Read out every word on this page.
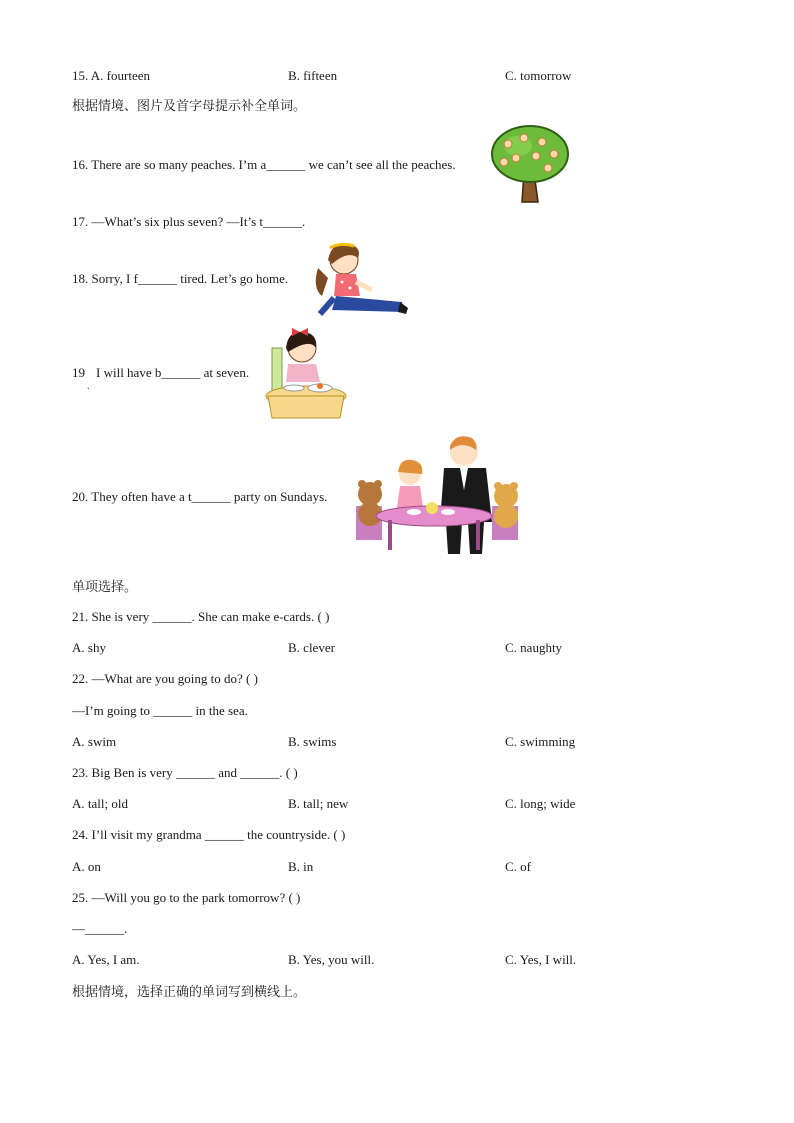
15. A. fourteen	B. fifteen	C. tomorrow
根据情境、图片及首字母提示补全单词。
16. There are so many peaches. I’m a______ we can’t see all the peaches.
17. —What’s six plus seven? —It’s t______.
18. Sorry, I f______ tired. Let’s go home.
19
.
I will have b______ at seven.
20. They often have a t______ party on Sundays.
单项选择。
21. She is very ______. She can make e-cards. ( )
A. shy	B. clever	C. naughty
22. —What are you going to do? ( )
—I’m going to ______ in the sea.
A. swim	B. swims	C. swimming
23. Big Ben is very ______ and ______. ( )
A. tall; old	B. tall; new	C. long; wide
24. I’ll visit my grandma ______ the countryside. ( )
A. on	B. in	C. of
25. —Will you go to the park tomorrow? ( )
—______.
A. Yes, I am.	B. Yes, you will.	C. Yes, I will.
根据情境，选择正确的单词写到横线上。
